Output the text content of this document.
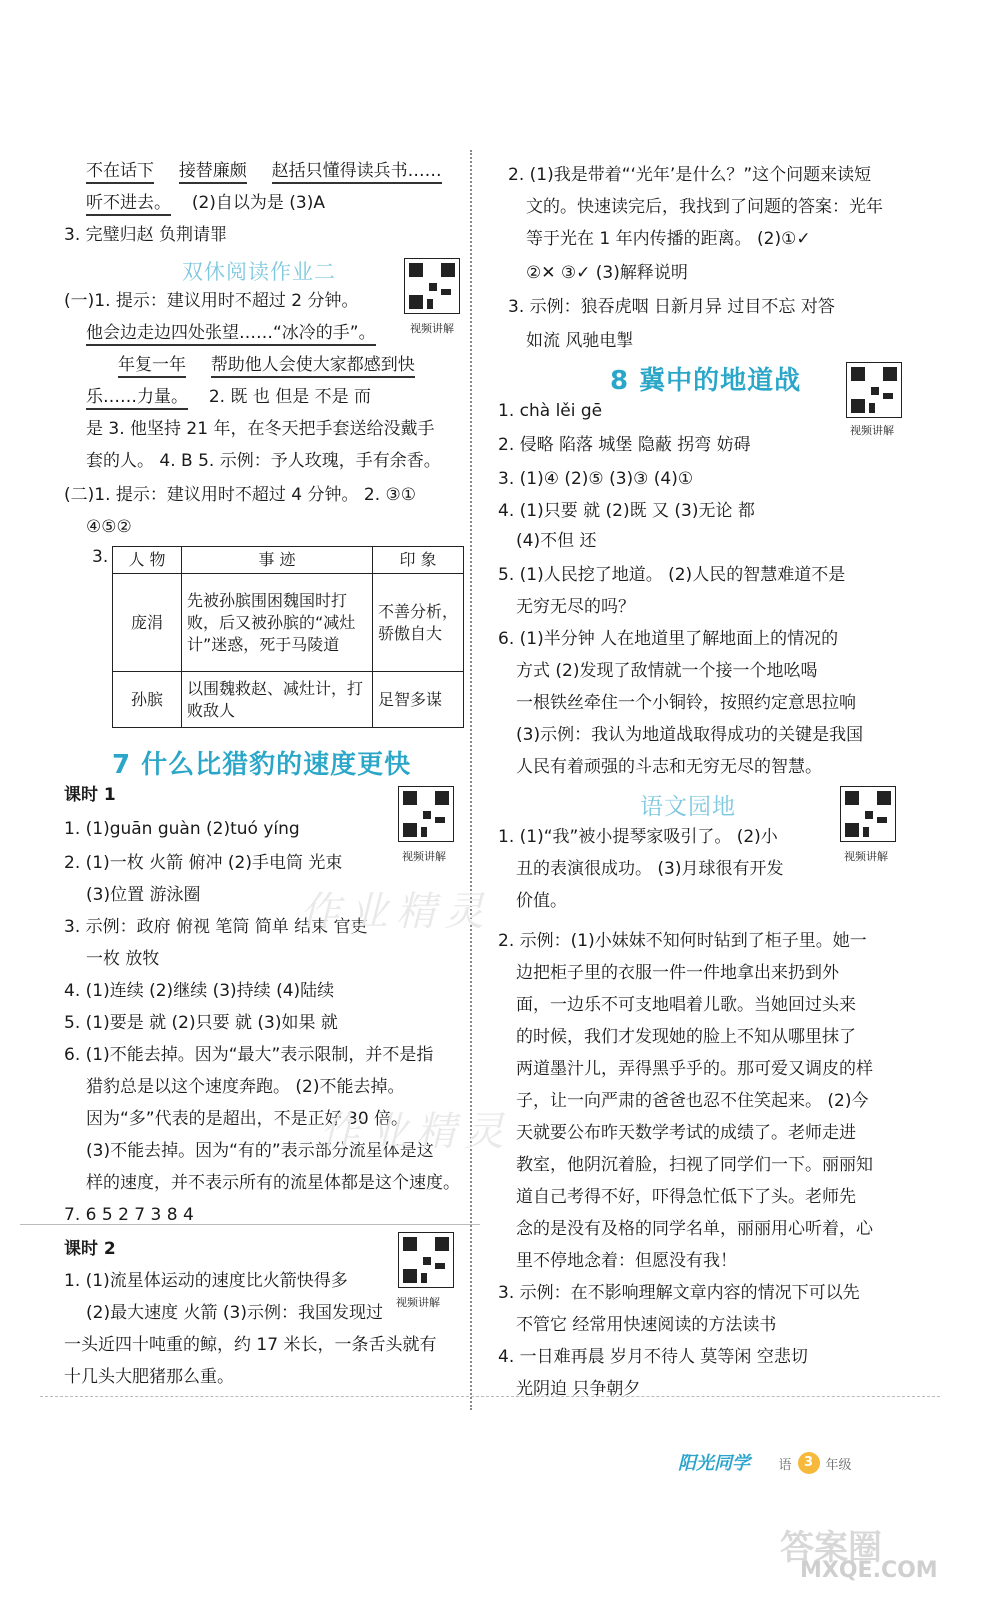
不在话下 接替廉颇 赵括只懂得读兵书……
听不进去。 (2)自以为是 (3)A
3. 完璧归赵 负荆请罪
双休阅读作业二
(一)1. 提示：建议用时不超过 2 分钟。
他会边走边四处张望……“冰冷的手”。
年复一年 帮助他人会使大家都感到快
乐……力量。 2. 既 也 但是 不是 而
是 3. 他坚持 21 年，在冬天把手套送给没戴手
套的人。 4. B 5. 示例：予人玫瑰，手有余香。
(二)1. 提示：建议用时不超过 4 分钟。 2. ③①
④⑤②
3. 人 物	事 迹	印 象
庞涓	先被孙膑围困魏国时打败，后又被孙膑的“减灶计”迷惑，死于马陵道	不善分析，骄傲自大
孙膑	以围魏救赵、减灶计，打败敌人	足智多谋
7 什么比猎豹的速度更快
课时 1
1. (1)guān guàn (2)tuó yíng
2. (1)一枚 火箭 俯冲 (2)手电筒 光束
(3)位置 游泳圈
3. 示例：政府 俯视 笔筒 简单 结束 官吏
一枚 放牧
4. (1)连续 (2)继续 (3)持续 (4)陆续
5. (1)要是 就 (2)只要 就 (3)如果 就
6. (1)不能去掉。因为“最大”表示限制，并不是指
猎豹总是以这个速度奔跑。 (2)不能去掉。
因为“多”代表的是超出，不是正好 30 倍。
(3)不能去掉。因为“有的”表示部分流星体是这
样的速度，并不表示所有的流星体都是这个速度。
7. 6 5 2 7 3 8 4
课时 2
1. (1)流星体运动的速度比火箭快得多
(2)最大速度 火箭 (3)示例：我国发现过
一头近四十吨重的鲸，约 17 米长，一条舌头就有
十几头大肥猪那么重。
2. (1)我是带着“‘光年’是什么？”这个问题来读短
文的。快速读完后，我找到了问题的答案：光年
等于光在 1 年内传播的距离。 (2)①✓
②✕ ③✓ (3)解释说明
3. 示例：狼吞虎咽 日新月异 过目不忘 对答
如流 风驰电掣
8 冀中的地道战
1. chà lěi gē
2. 侵略 陷落 城堡 隐蔽 拐弯 妨碍
3. (1)④ (2)⑤ (3)③ (4)①
4. (1)只要 就 (2)既 又 (3)无论 都
(4)不但 还
5. (1)人民挖了地道。 (2)人民的智慧难道不是
无穷无尽的吗？
6. (1)半分钟 人在地道里了解地面上的情况的
方式 (2)发现了敌情就一个接一个地吆喝
一根铁丝牵住一个小铜铃，按照约定意思拉响
(3)示例：我认为地道战取得成功的关键是我国
人民有着顽强的斗志和无穷无尽的智慧。
语文园地
1. (1)“我”被小提琴家吸引了。 (2)小
丑的表演很成功。 (3)月球很有开发
价值。
2. 示例：(1)小妹妹不知何时钻到了柜子里。她一
边把柜子里的衣服一件一件地拿出来扔到外
面，一边乐不可支地唱着儿歌。当她回过头来
的时候，我们才发现她的脸上不知从哪里抹了
两道墨汁儿，弄得黑乎乎的。那可爱又调皮的样
子，让一向严肃的爸爸也忍不住笑起来。 (2)今
天就要公布昨天数学考试的成绩了。老师走进
教室，他阴沉着脸，扫视了同学们一下。丽丽知
道自己考得不好，吓得急忙低下了头。老师先
念的是没有及格的同学名单，丽丽用心听着，心
里不停地念着：但愿没有我！
3. 示例：在不影响理解文章内容的情况下可以先
不管它 经常用快速阅读的方法读书
4. 一日难再晨 岁月不待人 莫等闲 空悲切
光阴迫 只争朝夕
视频讲解
视频讲解
视频讲解	视频讲解
视频讲解
作业精灵
作业精灵
阳光同学 语 3 年级
答案圈
MXQE.COM
